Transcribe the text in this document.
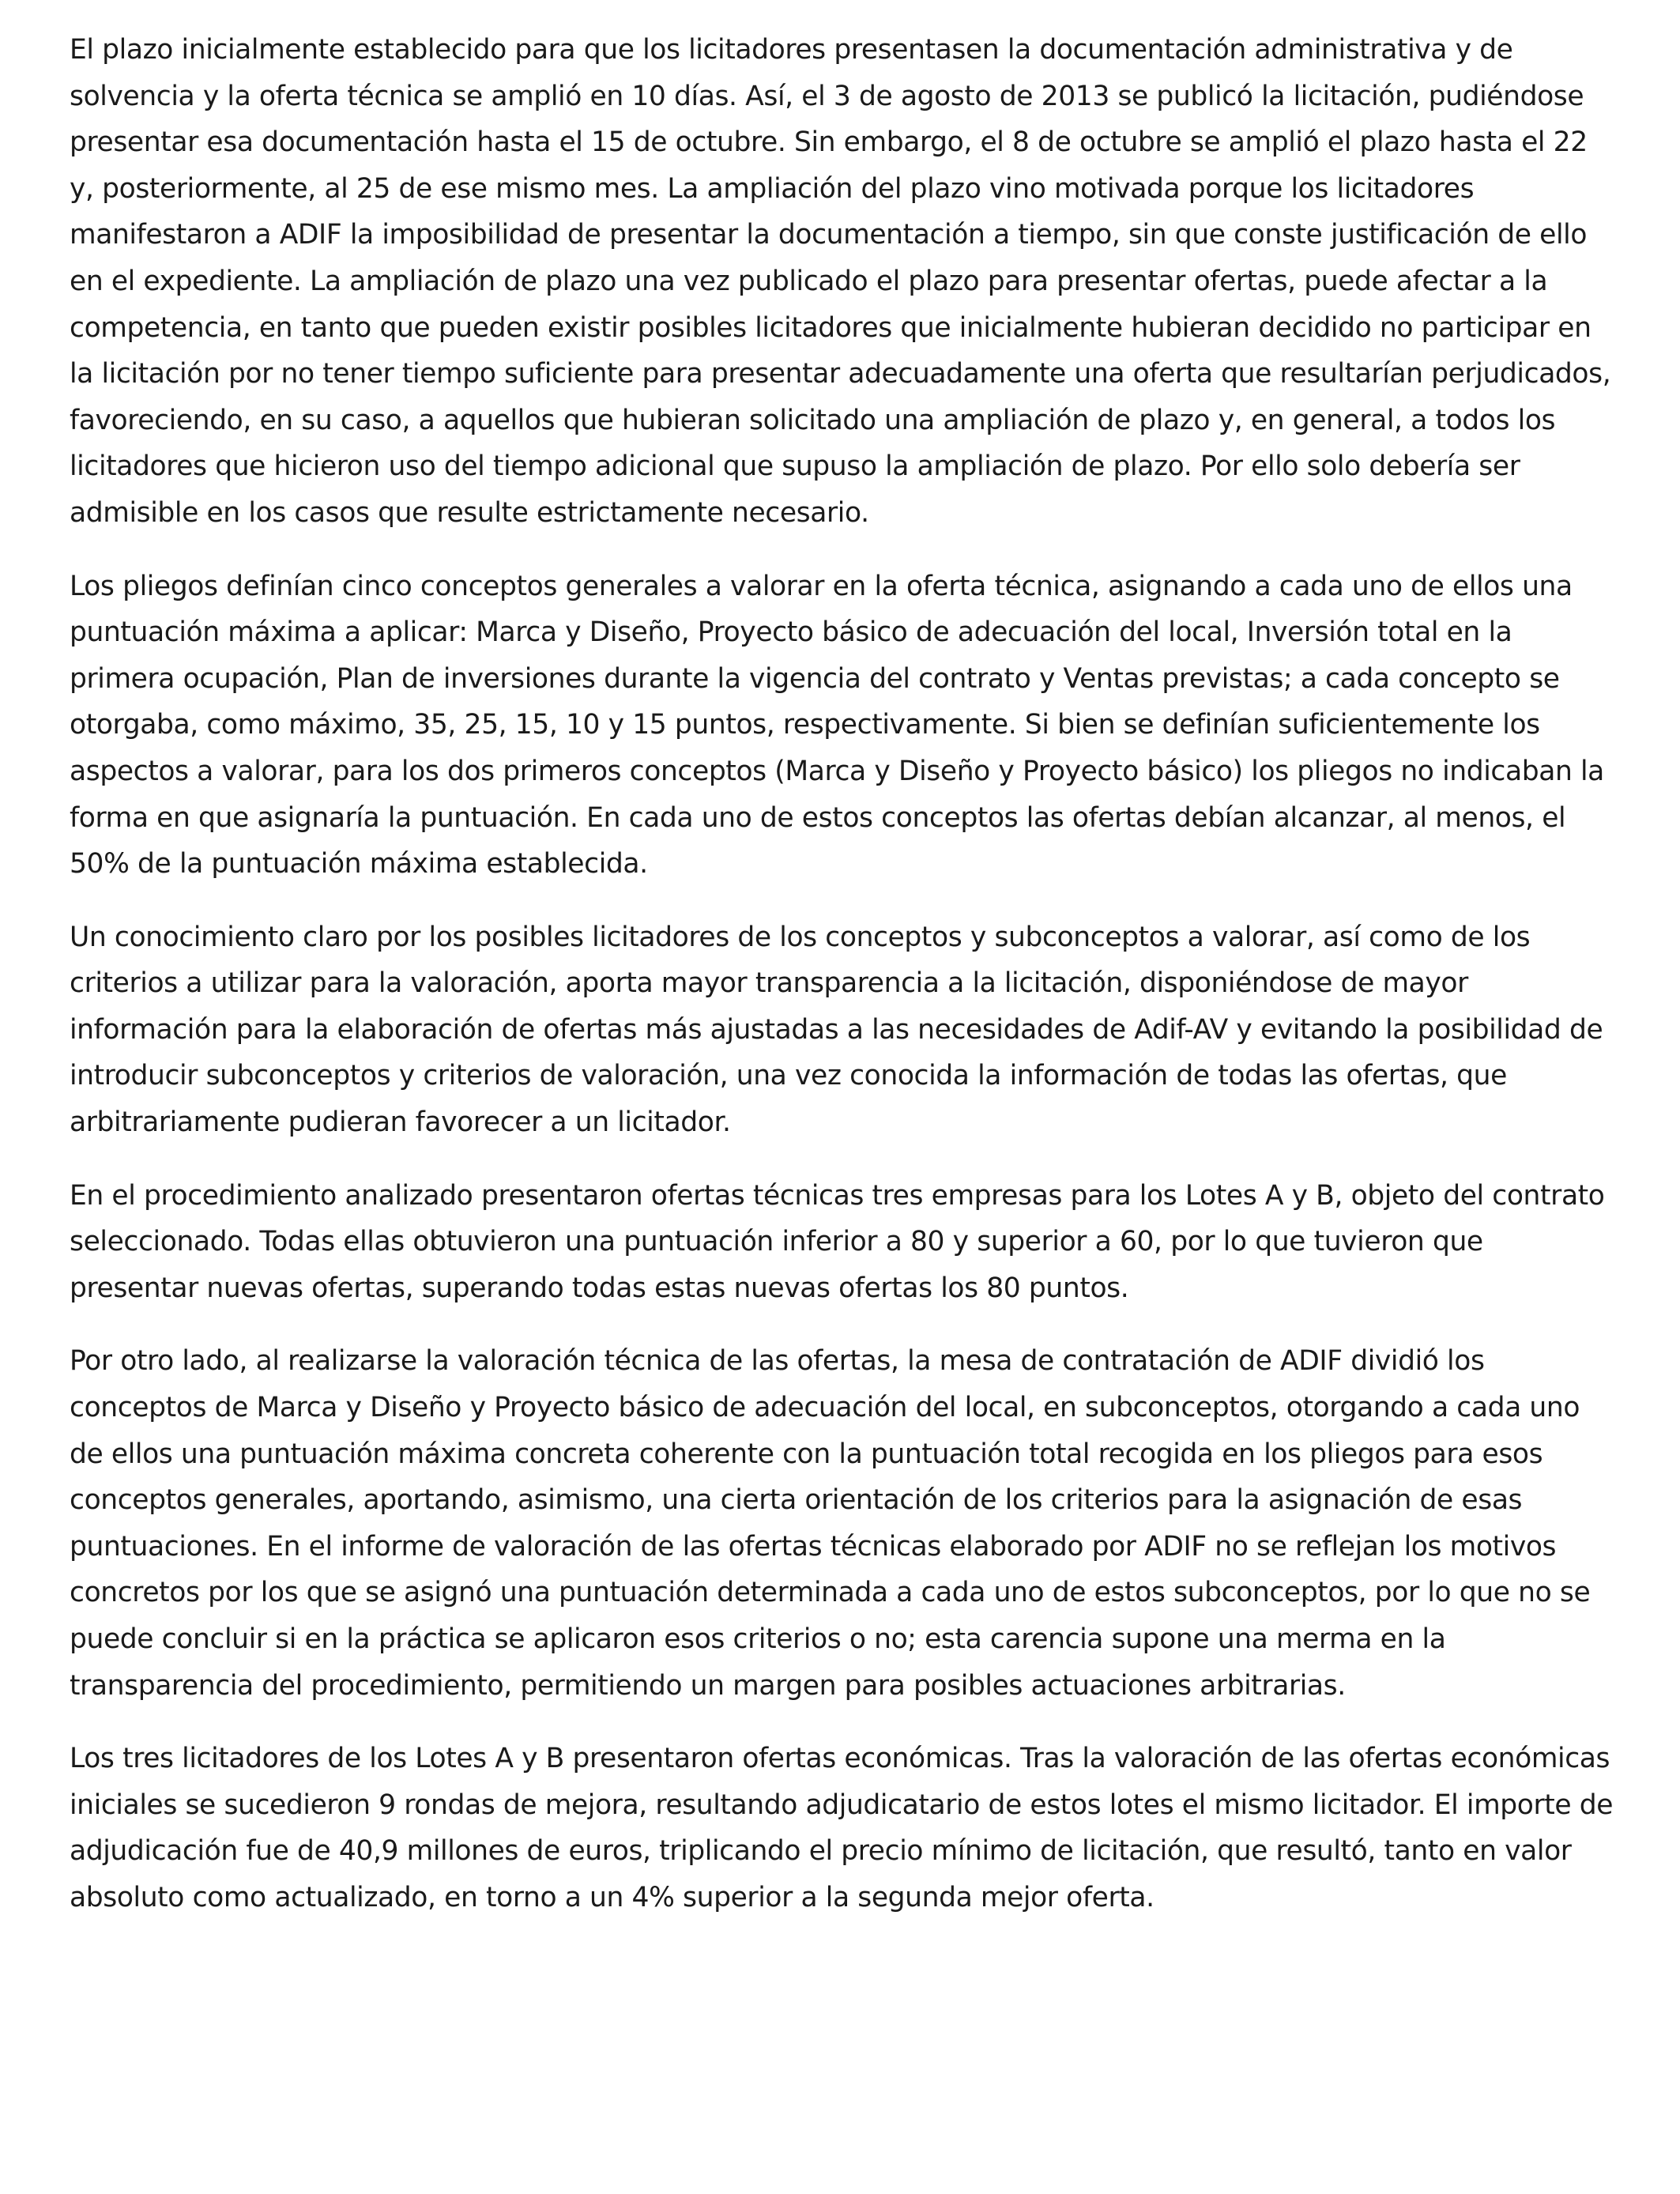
El plazo inicialmente establecido para que los licitadores presentasen la documentación administrativa y de solvencia y la oferta técnica se amplió en 10 días. Así, el 3 de agosto de 2013 se publicó la licitación, pudiéndose presentar esa documentación hasta el 15 de octubre. Sin embargo, el 8 de octubre se amplió el plazo hasta el 22 y, posteriormente, al 25 de ese mismo mes. La ampliación del plazo vino motivada porque los licitadores manifestaron a ADIF la imposibilidad de presentar la documentación a tiempo, sin que conste justificación de ello en el expediente. La ampliación de plazo una vez publicado el plazo para presentar ofertas, puede afectar a la competencia, en tanto que pueden existir posibles licitadores que inicialmente hubieran decidido no participar en la licitación por no tener tiempo suficiente para presentar adecuadamente una oferta que resultarían perjudicados, favoreciendo, en su caso, a aquellos que hubieran solicitado una ampliación de plazo y, en general, a todos los licitadores que hicieron uso del tiempo adicional que supuso la ampliación de plazo. Por ello solo debería ser admisible en los casos que resulte estrictamente necesario.

Los pliegos definían cinco conceptos generales a valorar en la oferta técnica, asignando a cada uno de ellos una puntuación máxima a aplicar: Marca y Diseño, Proyecto básico de adecuación del local, Inversión total en la primera ocupación, Plan de inversiones durante la vigencia del contrato y Ventas previstas; a cada concepto se otorgaba, como máximo, 35, 25, 15, 10 y 15 puntos, respectivamente. Si bien se definían suficientemente los aspectos a valorar, para los dos primeros conceptos (Marca y Diseño y Proyecto básico) los pliegos no indicaban la forma en que asignaría la puntuación. En cada uno de estos conceptos las ofertas debían alcanzar, al menos, el 50% de la puntuación máxima establecida.

Un conocimiento claro por los posibles licitadores de los conceptos y subconceptos a valorar, así como de los criterios a utilizar para la valoración, aporta mayor transparencia a la licitación, disponiéndose de mayor información para la elaboración de ofertas más ajustadas a las necesidades de Adif-AV y evitando la posibilidad de introducir subconceptos y criterios de valoración, una vez conocida la información de todas las ofertas, que arbitrariamente pudieran favorecer a un licitador.

En el procedimiento analizado presentaron ofertas técnicas tres empresas para los Lotes A y B, objeto del contrato seleccionado. Todas ellas obtuvieron una puntuación inferior a 80 y superior a 60, por lo que tuvieron que presentar nuevas ofertas, superando todas estas nuevas ofertas los 80 puntos.

Por otro lado, al realizarse la valoración técnica de las ofertas, la mesa de contratación de ADIF dividió los conceptos de Marca y Diseño y Proyecto básico de adecuación del local, en subconceptos, otorgando a cada uno de ellos una puntuación máxima concreta coherente con la puntuación total recogida en los pliegos para esos conceptos generales, aportando, asimismo, una cierta orientación de los criterios para la asignación de esas puntuaciones. En el informe de valoración de las ofertas técnicas elaborado por ADIF no se reflejan los motivos concretos por los que se asignó una puntuación determinada a cada uno de estos subconceptos, por lo que no se puede concluir si en la práctica se aplicaron esos criterios o no; esta carencia supone una merma en la transparencia del procedimiento, permitiendo un margen para posibles actuaciones arbitrarias.

Los tres licitadores de los Lotes A y B presentaron ofertas económicas. Tras la valoración de las ofertas económicas iniciales se sucedieron 9 rondas de mejora, resultando adjudicatario de estos lotes el mismo licitador. El importe de adjudicación fue de 40,9 millones de euros, triplicando el precio mínimo de licitación, que resultó, tanto en valor absoluto como actualizado, en torno a un 4% superior a la segunda mejor oferta.
